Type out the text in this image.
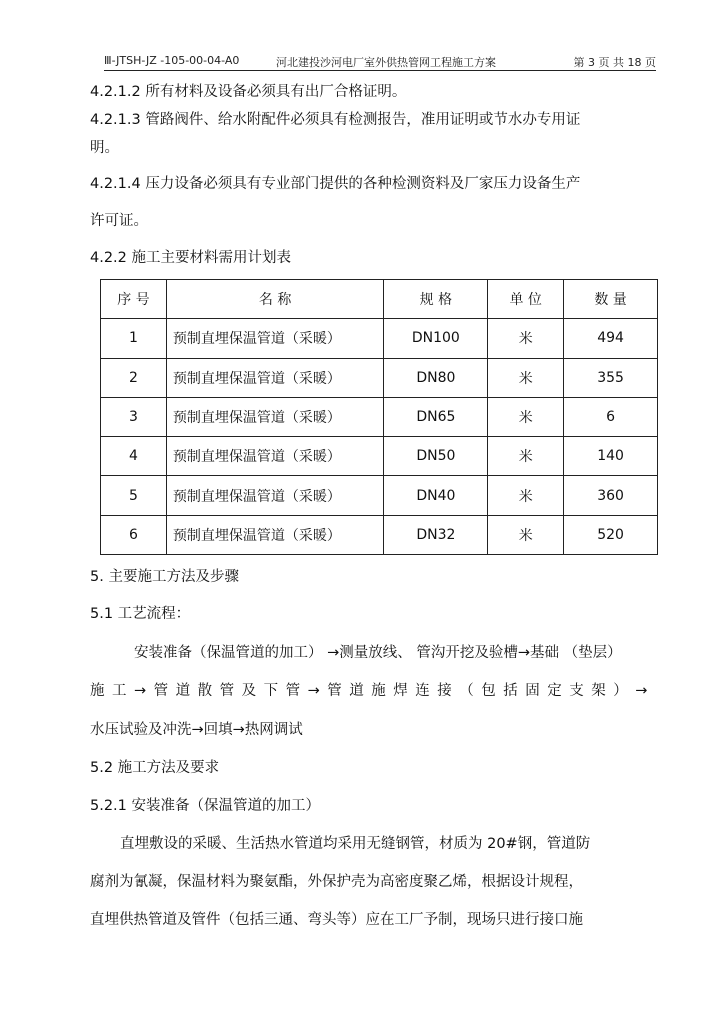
Ⅲ-JTSH-JZ -105-00-04-A0	河北建投沙河电厂室外供热管网工程施工方案	第 3 页 共 18 页
4.2.1.2 所有材料及设备必须具有出厂合格证明。
4.2.1.3 管路阀件、给水附配件必须具有检测报告，准用证明或节水办专用证
明。
4.2.1.4 压力设备必须具有专业部门提供的各种检测资料及厂家压力设备生产
许可证。
4.2.2 施工主要材料需用计划表
序 号	名 称	规 格	单 位	数 量
1	预制直埋保温管道（采暖）	DN100	米	494
2	预制直埋保温管道（采暖）	DN80	米	355
3	预制直埋保温管道（采暖）	DN65	米	6
4	预制直埋保温管道（采暖）	DN50	米	140
5	预制直埋保温管道（采暖）	DN40	米	360
6	预制直埋保温管道（采暖）	DN32	米	520
5. 主要施工方法及步骤
5.1 工艺流程：
安装准备（保温管道的加工） →测量放线、 管沟开挖及验槽→基础 （垫层）
施工→管道散管及下管→管道施焊连接（包括固定支架）→
水压试验及冲洗→回填→热网调试
5.2 施工方法及要求
5.2.1 安装准备（保温管道的加工）
直埋敷设的采暖、生活热水管道均采用无缝钢管，材质为 20#钢，管道防
腐剂为氰凝，保温材料为聚氨酯，外保护壳为高密度聚乙烯，根据设计规程，
直埋供热管道及管件（包括三通、弯头等）应在工厂予制，现场只进行接口施
